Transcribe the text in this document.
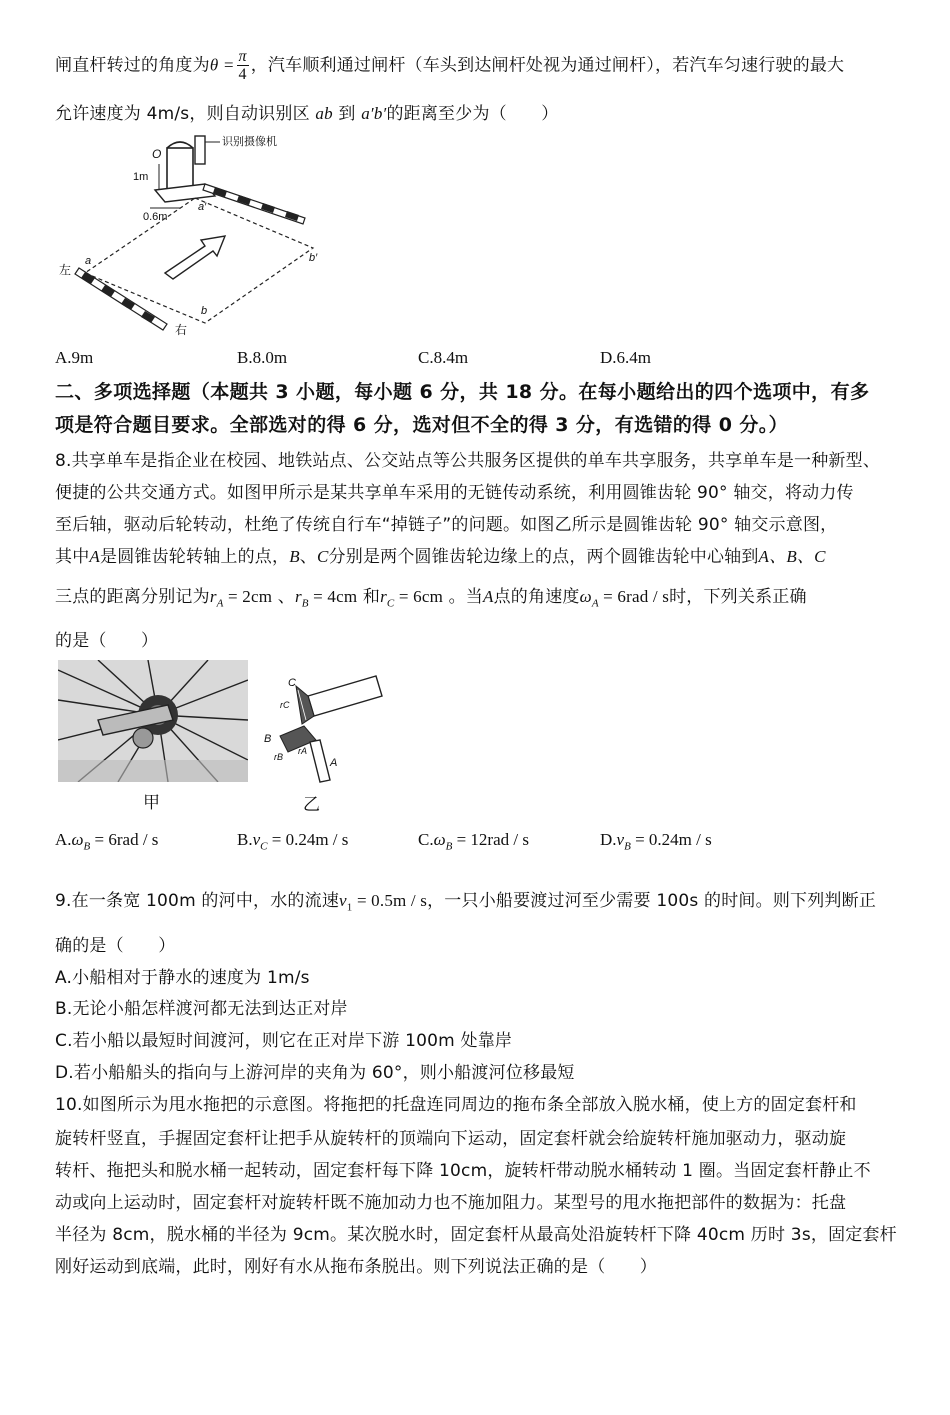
闸直杆转过的角度为$\theta = \frac{\pi}{4}$ ，汽车顺利通过闸杆（车头到达闸杆处视为通过闸杆），若汽车匀速行驶的最大
允许速度为 4m/s，则自动识别区 ab 到 a′b′的距离至少为（　　）
识别摄像机
O
1m
0.6m
a′
b′
a
b
左
右
A.9m	B.8.0m	C.8.4m	D.6.4m
二、多项选择题（本题共 3 小题，每小题 6 分，共 18 分。在每小题给出的四个选项中，有多
项是符合题目要求。全部选对的得 6 分，选对但不全的得 3 分，有选错的得 0 分。）
8.共享单车是指企业在校园、地铁站点、公交站点等公共服务区提供的单车共享服务，共享单车是一种新型、
便捷的公共交通方式。如图甲所示是某共享单车采用的无链传动系统，利用圆锥齿轮 90° 轴交，将动力传
至后轴，驱动后轮转动，杜绝了传统自行车“掉链子”的问题。如图乙所示是圆锥齿轮 90° 轴交示意图，
其中A是圆锥齿轮转轴上的点，B、C分别是两个圆锥齿轮边缘上的点，两个圆锥齿轮中心轴到A、B、C
三点的距离分别记为$r_A = 2cm$ 、$r_B = 4cm$ 和$r_C = 6cm$ 。当A点的角速度$\omega_A = 6rad / s$时，下列关系正确
的是（　　）
甲
C
rC
B
rB
rA
A
乙
$A.\omega_B = 6rad / s$	$B.v_C = 0.24m / s$	$C.\omega_B = 12rad / s$	$D.v_B = 0.24m / s$
9.在一条宽 100m 的河中，水的流速$v_1 = 0.5m / s$，一只小船要渡过河至少需要 100s 的时间。则下列判断正
确的是（　　）
A.小船相对于静水的速度为 1m/s
B.无论小船怎样渡河都无法到达正对岸
C.若小船以最短时间渡河，则它在正对岸下游 100m 处靠岸
D.若小船船头的指向与上游河岸的夹角为 60°，则小船渡河位移最短
10.如图所示为甩水拖把的示意图。将拖把的托盘连同周边的拖布条全部放入脱水桶，使上方的固定套杆和
旋转杆竖直，手握固定套杆让把手从旋转杆的顶端向下运动，固定套杆就会给旋转杆施加驱动力，驱动旋
转杆、拖把头和脱水桶一起转动，固定套杆每下降 10cm，旋转杆带动脱水桶转动 1 圈。当固定套杆静止不
动或向上运动时，固定套杆对旋转杆既不施加动力也不施加阻力。某型号的甩水拖把部件的数据为：托盘
半径为 8cm，脱水桶的半径为 9cm。某次脱水时，固定套杆从最高处沿旋转杆下降 40cm 历时 3s，固定套杆
刚好运动到底端，此时，刚好有水从拖布条脱出。则下列说法正确的是（　　）
